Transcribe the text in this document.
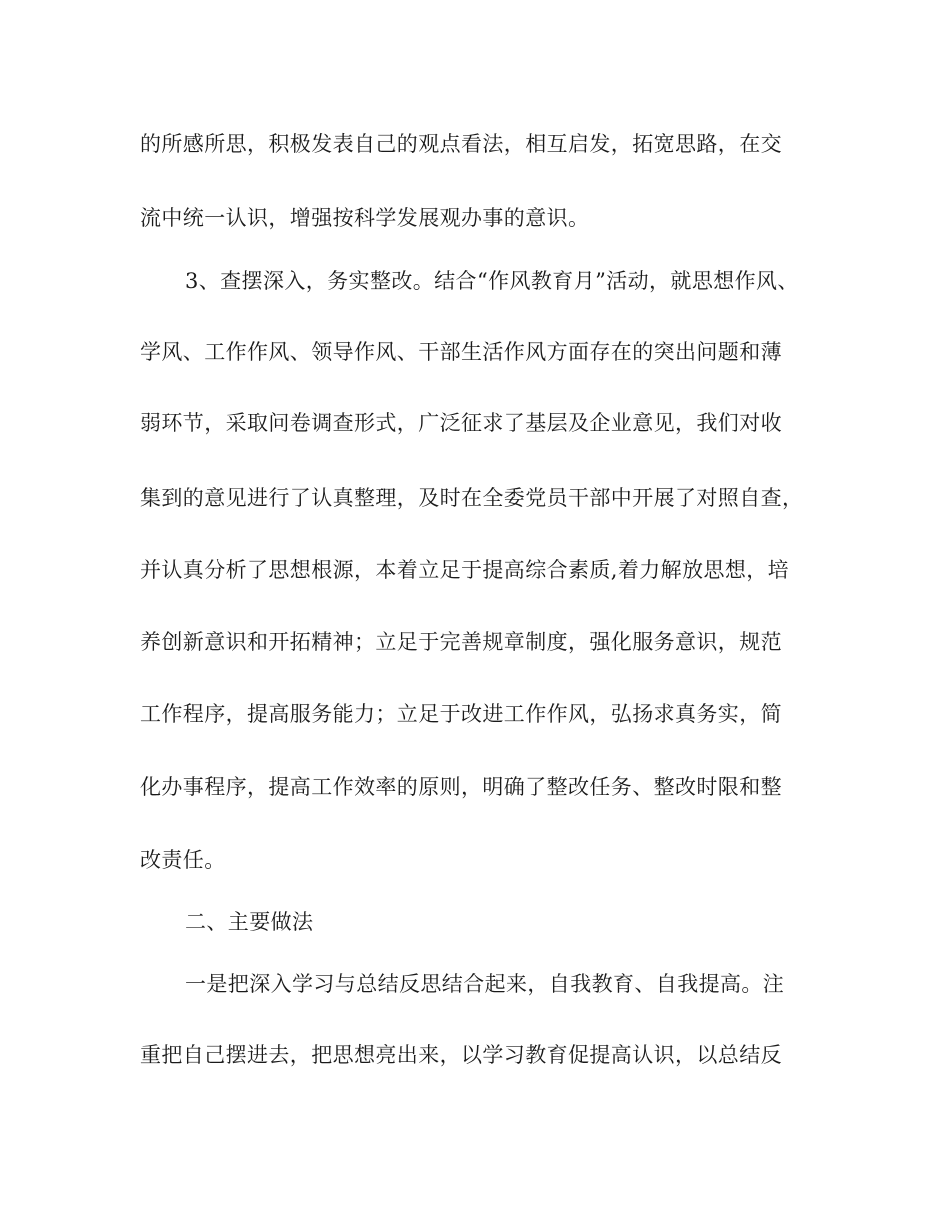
的所感所思，积极发表自己的观点看法，相互启发，拓宽思路，在交
流中统一认识，增强按科学发展观办事的意识。
3、查摆深入，务实整改。结合“作风教育月”活动，就思想作风、
学风、工作作风、领导作风、干部生活作风方面存在的突出问题和薄
弱环节，采取问卷调查形式，广泛征求了基层及企业意见，我们对收
集到的意见进行了认真整理，及时在全委党员干部中开展了对照自查，
并认真分析了思想根源，本着立足于提高综合素质,着力解放思想，培
养创新意识和开拓精神；立足于完善规章制度，强化服务意识，规范
工作程序，提高服务能力；立足于改进工作作风，弘扬求真务实，简
化办事程序，提高工作效率的原则，明确了整改任务、整改时限和整
改责任。
二、主要做法
一是把深入学习与总结反思结合起来，自我教育、自我提高。注
重把自己摆进去，把思想亮出来，以学习教育促提高认识，以总结反
